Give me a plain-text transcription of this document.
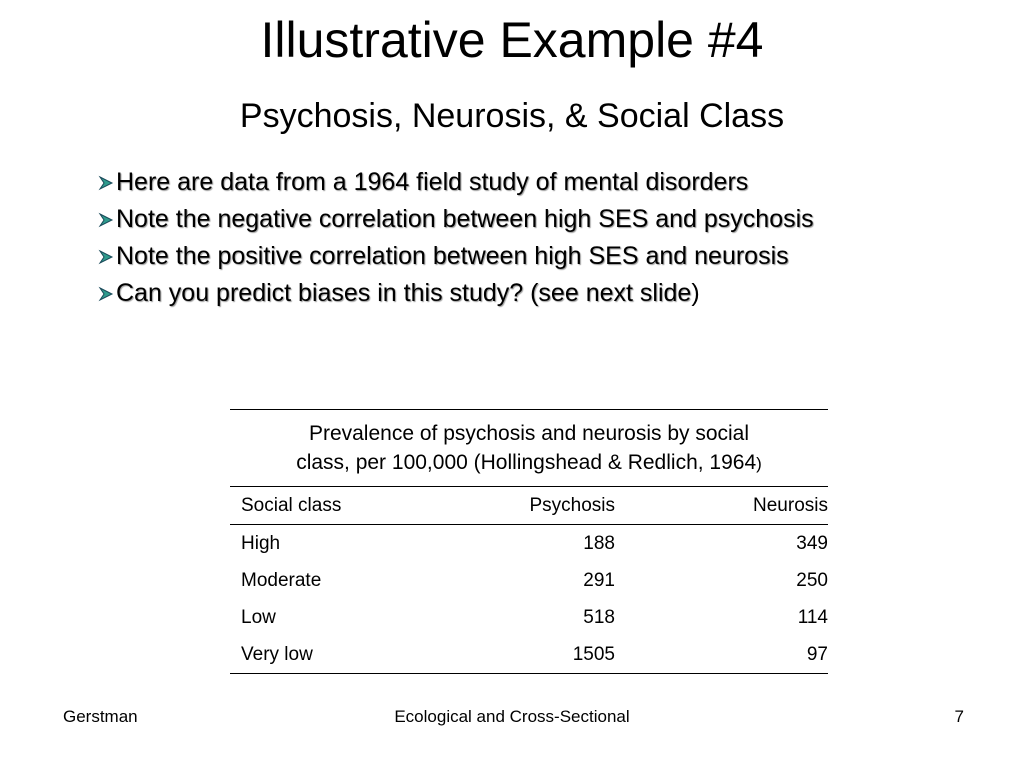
Illustrative Example #4
Psychosis, Neurosis, & Social Class
Here are data from a 1964 field study of mental disorders
Note the negative correlation between high SES and psychosis
Note the positive correlation between high SES and neurosis
Can you predict biases in this study? (see next slide )
Prevalence of psychosis and neurosis by social
class, per 100,000 (Hollingshead & Redlich, 1964)
Social class	Psychosis	Neurosis
High	188	349
Moderate	291	250
Low	518	114
Very low	1505	97
Gerstman	Ecological and Cross-Sectional	7
